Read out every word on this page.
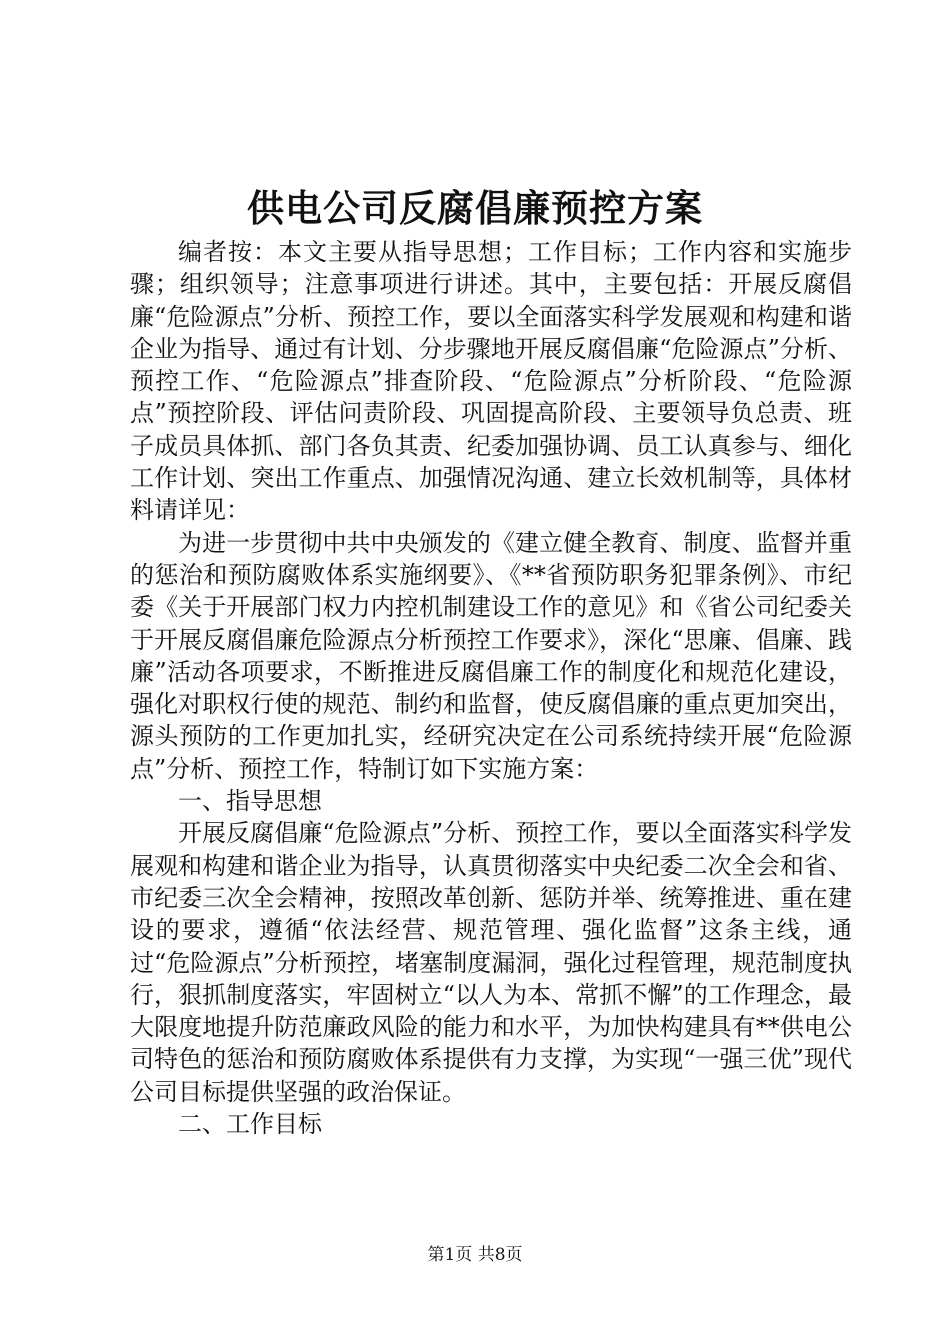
供电公司反腐倡廉预控方案

编者按：本文主要从指导思想；工作目标；工作内容和实施步骤；组织领导；注意事项进行讲述。其中，主要包括：开展反腐倡廉“危险源点”分析、预控工作，要以全面落实科学发展观和构建和谐企业为指导、通过有计划、分步骤地开展反腐倡廉“危险源点”分析、预控工作、“危险源点”排查阶段、“危险源点”分析阶段、“危险源点”预控阶段、评估问责阶段、巩固提高阶段、主要领导负总责、班子成员具体抓、部门各负其责、纪委加强协调、员工认真参与、细化工作计划、突出工作重点、加强情况沟通、建立长效机制等，具体材料请详见：

为进一步贯彻中共中央颁发的《建立健全教育、制度、监督并重的惩治和预防腐败体系实施纲要》、《**省预防职务犯罪条例》、市纪委《关于开展部门权力内控机制建设工作的意见》和《省公司纪委关于开展反腐倡廉危险源点分析预控工作要求》，深化“思廉、倡廉、践廉”活动各项要求，不断推进反腐倡廉工作的制度化和规范化建设，强化对职权行使的规范、制约和监督，使反腐倡廉的重点更加突出，源头预防的工作更加扎实，经研究决定在公司系统持续开展“危险源点”分析、预控工作，特制订如下实施方案：

一、指导思想

开展反腐倡廉“危险源点”分析、预控工作，要以全面落实科学发展观和构建和谐企业为指导，认真贯彻落实中央纪委二次全会和省、市纪委三次全会精神，按照改革创新、惩防并举、统筹推进、重在建设的要求，遵循“依法经营、规范管理、强化监督”这条主线，通过“危险源点”分析预控，堵塞制度漏洞，强化过程管理，规范制度执行，狠抓制度落实，牢固树立“以人为本、常抓不懈”的工作理念，最大限度地提升防范廉政风险的能力和水平，为加快构建具有**供电公司特色的惩治和预防腐败体系提供有力支撑，为实现“一强三优”现代公司目标提供坚强的政治保证。

二、工作目标

第1页 共8页
